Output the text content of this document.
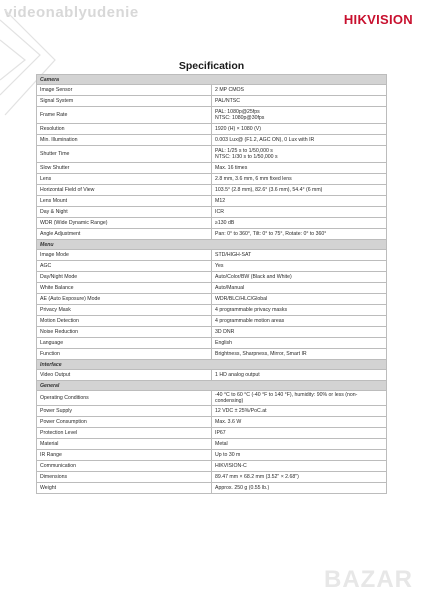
videonablyudenie	HIKVISION
Specification
Camera	
Image Sensor	2 MP CMOS

Signal System	PAL/NTSC

Frame Rate	PAL: 1080p@25fps
NTSC: 1080p@30fps

Resolution	1920 (H) × 1080 (V)

Min. Illumination	0.003 Lux@ (F1.2, AGC ON), 0 Lux with IR

Shutter Time	PAL: 1/25 s to 1/50,000 s
NTSC: 1/30 s to 1/50,000 s

Slow Shutter	Max. 16 times

Lens	2.8 mm, 3.6 mm, 6 mm fixed lens

Horizontal Field of View	103.5° (2.8 mm), 82.6° (3.6 mm), 54.4° (6 mm)

Lens Mount	M12

Day & Night	ICR

WDR (Wide Dynamic Range)	≥130 dB

Angle Adjustment	Pan: 0° to 360°, Tilt: 0° to 75°, Rotate: 0° to 360°

Menu	
Image Mode	STD/HIGH-SAT

AGC	Yes

Day/Night Mode	Auto/Color/BW (Black and White)

White Balance	Auto/Manual

AE (Auto Exposure) Mode	WDR/BLC/HLC/Global

Privacy Mask	4 programmable privacy masks

Motion Detection	4 programmable motion areas

Noise Reduction	3D DNR

Language	English

Function	Brightness, Sharpness, Mirror, Smart IR

Interface	
Video Output	1 HD analog output

General	
Operating Conditions	-40 °C to 60 °C (-40 °F to 140 °F), humidity: 90% or less (non-condensing)

Power Supply	12 VDC ± 25%/PoC.at

Power Consumption	Max. 3.6 W

Protection Level	IP67

Material	Metal

IR Range	Up to 30 m

Communication	HIKVISION-C

Dimensions	89.47 mm × 68.2 mm (3.52" × 2.68")

Weight	Approx. 250 g (0.55 lb.)
BAZAR
